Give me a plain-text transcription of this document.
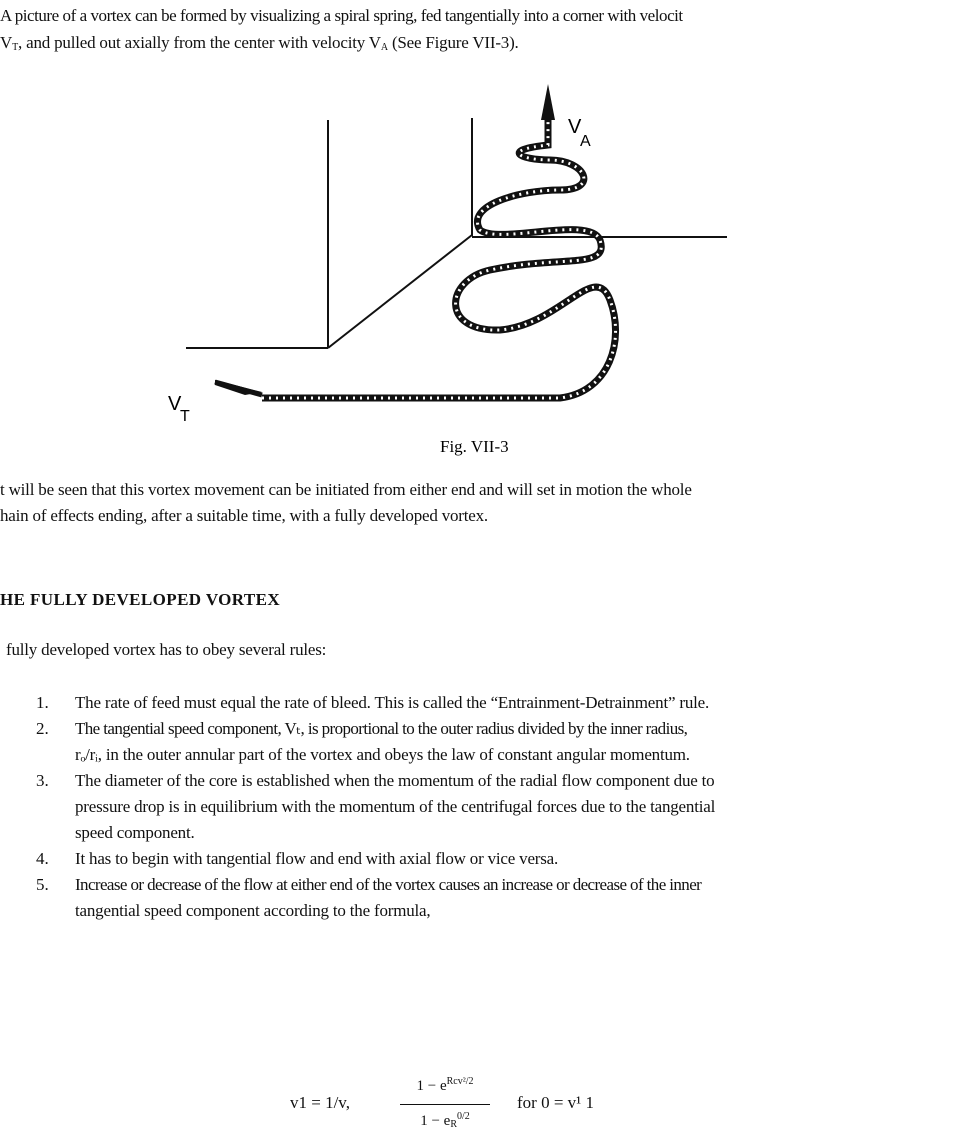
A picture of a vortex can be formed by visualizing a spiral spring, fed tangentially into a corner with velocit
$V_T$, and pulled out axially from the center with velocity $V_A$ (See Figure VII-3).
V
A
V
T
Fig. VII-3
t will be seen that this vortex movement can be initiated from either end and will set in motion the whole
hain of effects ending, after a suitable time, with a fully developed vortex.
HE FULLY DEVELOPED VORTEX
fully developed vortex has to obey several rules:
1. The rate of feed must equal the rate of bleed. This is called the “Entrainment-Detrainment” rule.
2. The tangential speed component, Vₜ, is proportional to the outer radius divided by the inner radius,
rₒ/rᵢ, in the outer annular part of the vortex and obeys the law of constant angular momentum.
3. The diameter of the core is established when the momentum of the radial flow component due to
pressure drop is in equilibrium with the momentum of the centrifugal forces due to the tangential
speed component.
4. It has to begin with tangential flow and end with axial flow or vice versa.
5. Increase or decrease of the flow at either end of the vortex causes an increase or decrease of the inner
tangential speed component according to the formula,
v1 = 1/v,
$1 - e^{Rcv^2/2}$
$1 - e_R^{0/2}$
for 0 = v¹ 1
